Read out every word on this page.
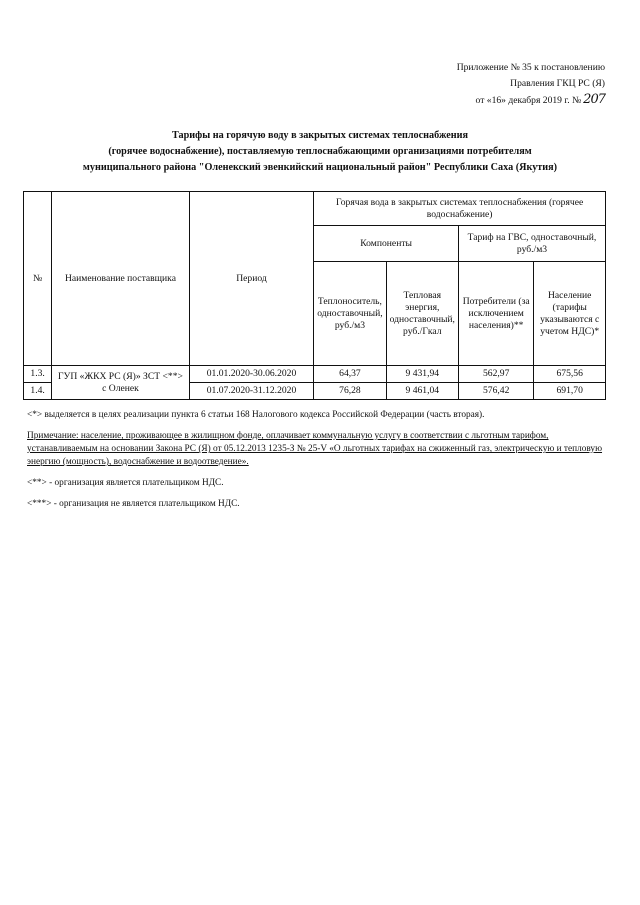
Приложение № 35 к постановлению
Правления ГКЦ РС (Я)
от «16» декабря 2019 г. № 207
Тарифы на горячую воду в закрытых системах теплоснабжения
(горячее водоснабжение), поставляемую теплоснабжающими организациями потребителям
муниципального района "Оленекский эвенкийский национальный район" Республики Саха (Якутия)
№	Наименование поставщика	Период	Горячая вода в закрытых системах теплоснабжения (горячее водоснабжение)			
			Компоненты		Тариф на ГВС, одноставочный, руб./м3	
			Теплоноситель, одноставочный, руб./м3	Тепловая энергия, одноставочный, руб./Гкал	Потребители (за исключением населения)**	Население (тарифы указываются с учетом НДС)*
1.3.	ГУП «ЖКХ РС (Я)» ЗСТ <**> с Оленек	01.01.2020-30.06.2020	64,37	9 431,94	562,97	675,56
1.4.		01.07.2020-31.12.2020	76,28	9 461,04	576,42	691,70

<*> выделяется в целях реализации пункта 6 статьи 168 Налогового кодекса Российской Федерации (часть вторая).

Примечание: население, проживающее в жилищном фонде, оплачивает коммунальную услугу в соответствии с льготным тарифом, устанавливаемым на основании Закона РС (Я) от 05.12.2013 1235-З № 25-V «О льготных тарифах на сжиженный газ, электрическую и тепловую энергию (мощность), водоснабжение и водоотведение».

<**> - организация является плательщиком НДС.

<***> - организация не является плательщиком НДС.
